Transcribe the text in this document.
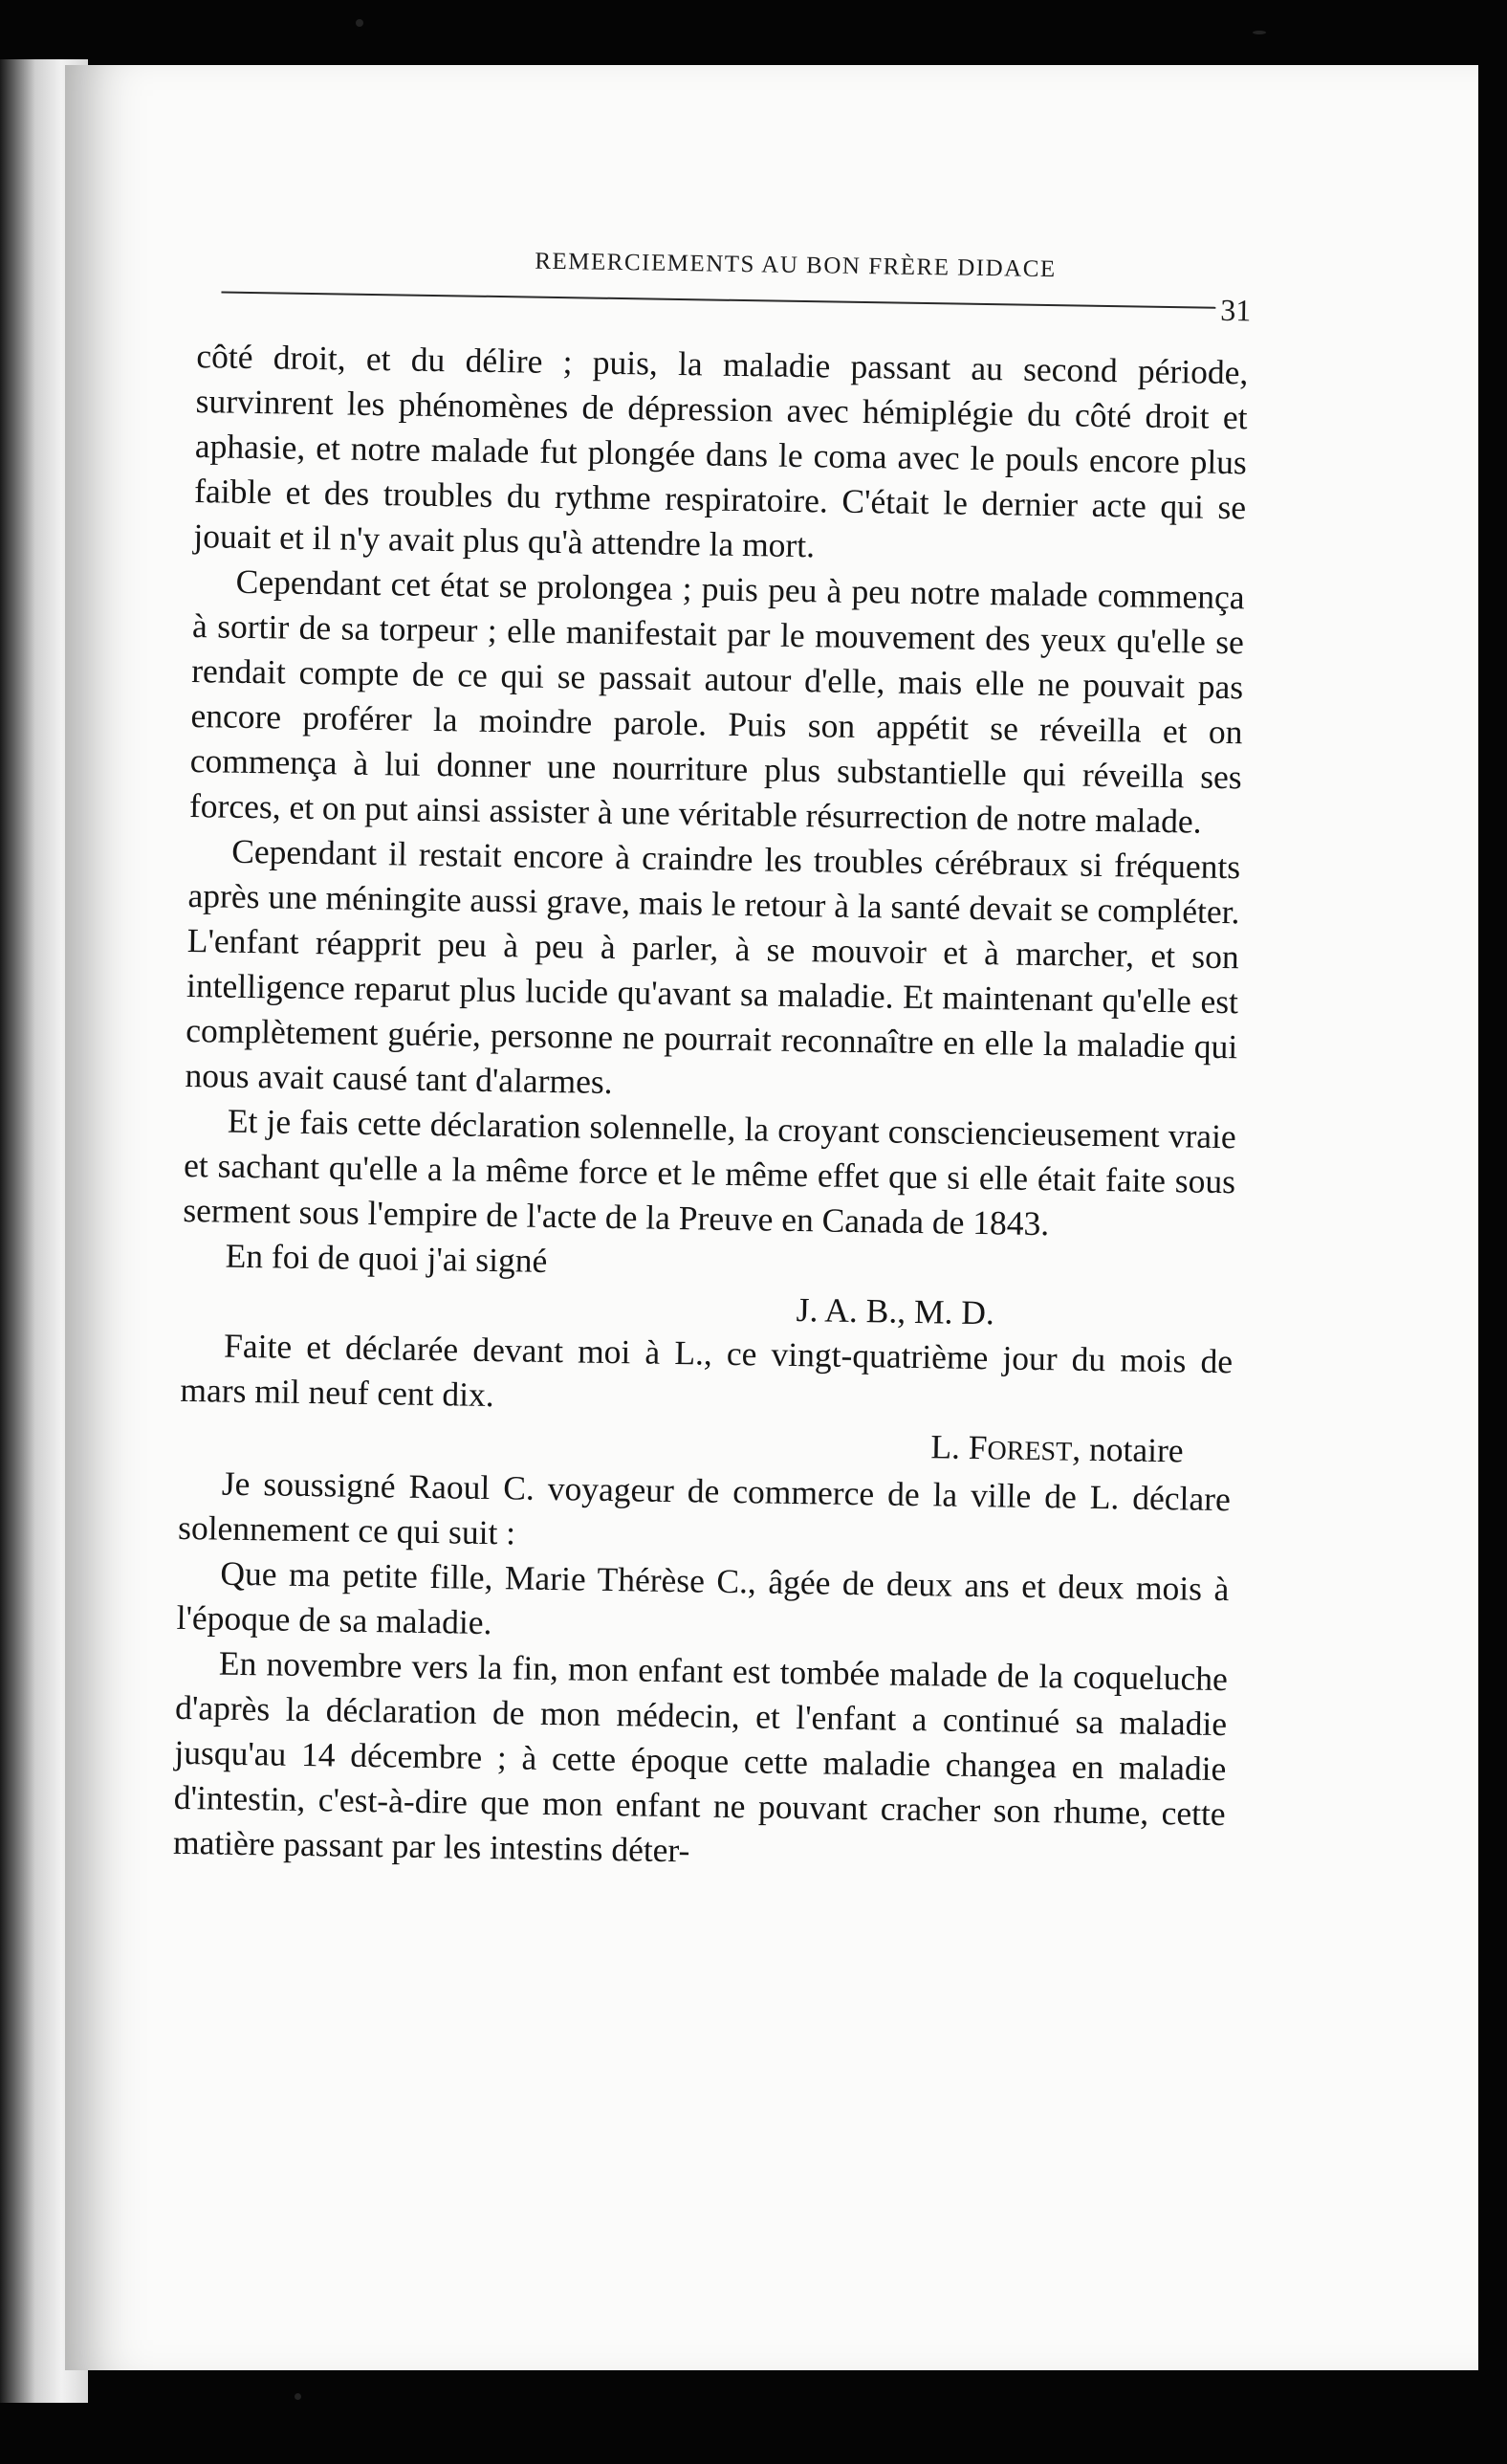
REMERCIEMENTS AU BON FRÈRE DIDACE
31

côté droit, et du délire ; puis, la maladie passant au second période, survinrent les phénomènes de dépression avec hémiplégie du côté droit et aphasie, et notre malade fut plongée dans le coma avec le pouls encore plus faible et des troubles du rythme respiratoire. C'était le dernier acte qui se jouait et il n'y avait plus qu'à attendre la mort.

Cependant cet état se prolongea ; puis peu à peu notre malade commença à sortir de sa torpeur ; elle manifestait par le mouvement des yeux qu'elle se rendait compte de ce qui se passait autour d'elle, mais elle ne pouvait pas encore proférer la moindre parole. Puis son appétit se réveilla et on commença à lui donner une nourriture plus substantielle qui réveilla ses forces, et on put ainsi assister à une véritable résurrection de notre malade.

Cependant il restait encore à craindre les troubles cérébraux si fréquents après une méningite aussi grave, mais le retour à la santé devait se compléter. L'enfant réapprit peu à peu à parler, à se mouvoir et à marcher, et son intelligence reparut plus lucide qu'avant sa maladie. Et maintenant qu'elle est complètement guérie, personne ne pourrait reconnaître en elle la maladie qui nous avait causé tant d'alarmes.

Et je fais cette déclaration solennelle, la croyant consciencieusement vraie et sachant qu'elle a la même force et le même effet que si elle était faite sous serment sous l'empire de l'acte de la Preuve en Canada de 1843.

En foi de quoi j'ai signé

J. A. B., M. D.

Faite et déclarée devant moi à L., ce vingt-quatrième jour du mois de mars mil neuf cent dix.

L. FOREST, notaire

Je soussigné Raoul C. voyageur de commerce de la ville de L. déclare solennement ce qui suit :

Que ma petite fille, Marie Thérèse C., âgée de deux ans et deux mois à l'époque de sa maladie.

En novembre vers la fin, mon enfant est tombée malade de la coqueluche d'après la déclaration de mon médecin, et l'enfant a continué sa maladie jusqu'au 14 décembre ; à cette époque cette maladie changea en maladie d'intestin, c'est-à-dire que mon enfant ne pouvant cracher son rhume, cette matière passant par les intestins déter-
